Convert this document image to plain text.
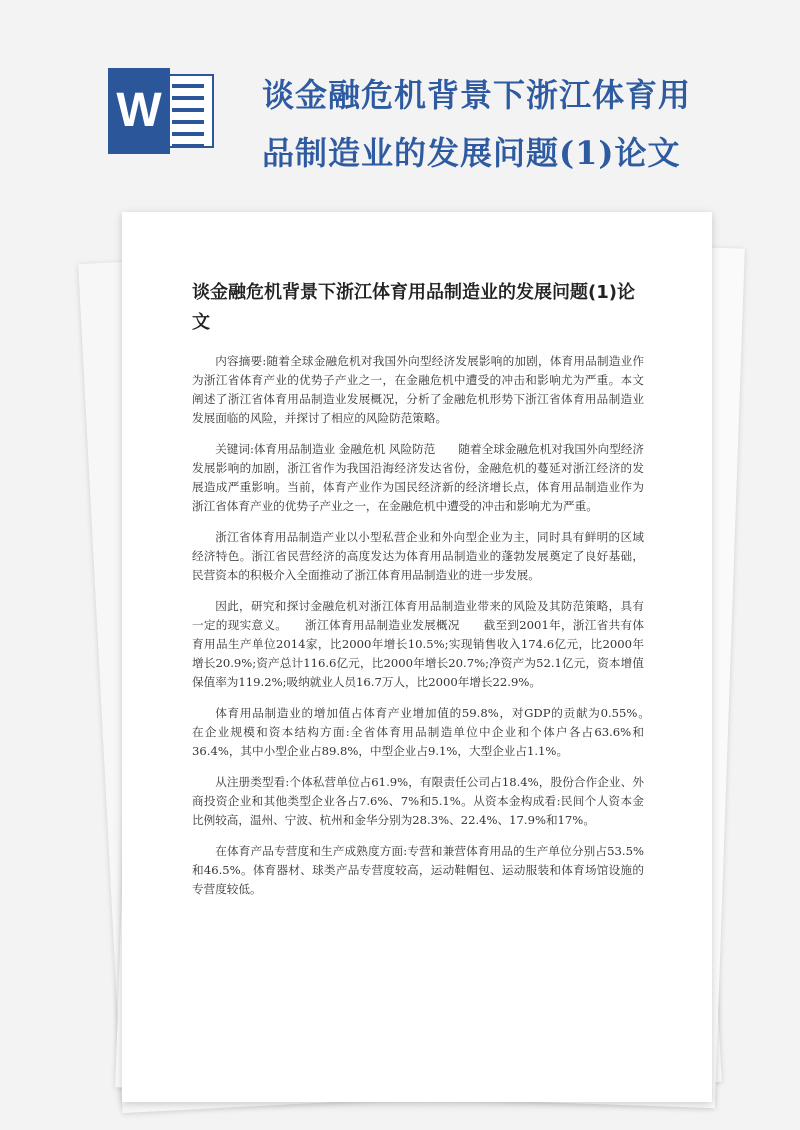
W	谈金融危机背景下浙江体育用品制造业的发展问题(1)论文
谈金融危机背景下浙江体育用品制造业的发展问题(1)论文

内容摘要:随着全球金融危机对我国外向型经济发展影响的加剧，体育用品制造业作为浙江省体育产业的优势子产业之一，在金融危机中遭受的冲击和影响尤为严重。本文阐述了浙江省体育用品制造业发展概况，分析了金融危机形势下浙江省体育用品制造业发展面临的风险，并探讨了相应的风险防范策略。

关键词:体育用品制造业 金融危机 风险防范　　随着全球金融危机对我国外向型经济发展影响的加剧，浙江省作为我国沿海经济发达省份，金融危机的蔓延对浙江经济的发展造成严重影响。当前，体育产业作为国民经济新的经济增长点，体育用品制造业作为浙江省体育产业的优势子产业之一，在金融危机中遭受的冲击和影响尤为严重。

浙江省体育用品制造产业以小型私营企业和外向型企业为主，同时具有鲜明的区域经济特色。浙江省民营经济的高度发达为体育用品制造业的蓬勃发展奠定了良好基础，民营资本的积极介入全面推动了浙江体育用品制造业的进一步发展。

因此，研究和探讨金融危机对浙江体育用品制造业带来的风险及其防范策略，具有一定的现实意义。　　浙江体育用品制造业发展概况　　截至到2001年，浙江省共有体育用品生产单位2014家，比2000年增长10.5%;实现销售收入174.6亿元，比2000年增长20.9%;资产总计116.6亿元，比2000年增长20.7%;净资产为52.1亿元，资本增值保值率为119.2%;吸纳就业人员16.7万人，比2000年增长22.9%。

体育用品制造业的增加值占体育产业增加值的59.8%，对GDP的贡献为0.55%。　在企业规模和资本结构方面:全省体育用品制造单位中企业和个体户各占63.6%和36.4%，其中小型企业占89.8%，中型企业占9.1%，大型企业占1.1%。

从注册类型看:个体私营单位占61.9%，有限责任公司占18.4%，股份合作企业、外商投资企业和其他类型企业各占7.6%、7%和5.1%。从资本金构成看:民间个人资本金比例较高，温州、宁波、杭州和金华分别为28.3%、22.4%、17.9%和17%。

在体育产品专营度和生产成熟度方面:专营和兼营体育用品的生产单位分别占53.5%和46.5%。体育器材、球类产品专营度较高，运动鞋帽包、运动服装和体育场馆设施的专营度较低。
